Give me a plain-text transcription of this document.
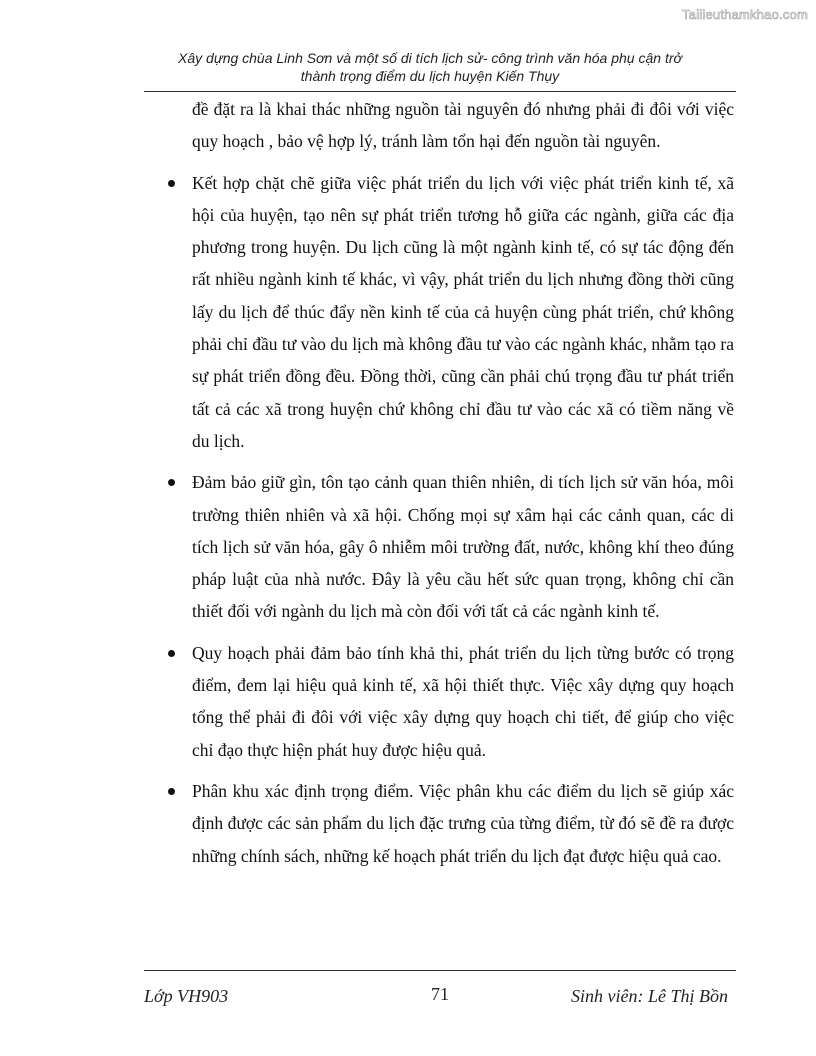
Tailieuthamkhao.com
Xây dựng chùa Linh Sơn và một số di tích lịch sử- công trình văn hóa phụ cận trở
thành trọng điểm du lịch huyện Kiến Thụy

đề đặt ra là khai thác những nguồn tài nguyên đó nhưng phải đi đôi với việc quy hoạch , bảo vệ hợp lý, tránh làm tổn hại đến nguồn tài nguyên.

Kết hợp chặt chẽ giữa việc phát triển du lịch với việc phát triển kinh tế, xã hội của huyện, tạo nên sự phát triển tương hỗ giữa các ngành, giữa các địa phương trong huyện. Du lịch cũng là một ngành kinh tế, có sự tác động đến rất nhiều ngành kinh tế khác, vì vậy, phát triển du lịch nhưng đồng thời cũng lấy du lịch để thúc đẩy nền kinh tế của cả huyện cùng phát triển, chứ không phải chỉ đầu tư vào du lịch mà không đầu tư vào các ngành khác, nhằm tạo ra sự phát triển đồng đều. Đồng thời, cũng cần phải chú trọng đầu tư phát triển tất cả các xã trong huyện chứ không chỉ đầu tư vào các xã có tiềm năng về du lịch.
Đảm bảo giữ gìn, tôn tạo cảnh quan thiên nhiên, di tích lịch sử văn hóa, môi trường thiên nhiên và xã hội. Chống mọi sự xâm hại các cảnh quan, các di tích lịch sử văn hóa, gây ô nhiễm môi trường đất, nước, không khí theo đúng pháp luật của nhà nước. Đây là yêu cầu hết sức quan trọng, không chỉ cần thiết đối với ngành du lịch mà còn đối với tất cả các ngành kinh tế.
Quy hoạch phải đảm bảo tính khả thi, phát triển du lịch từng bước có trọng điểm, đem lại hiệu quả kinh tế, xã hội thiết thực. Việc xây dựng quy hoạch tổng thể phải đi đôi với việc xây dựng quy hoạch chi tiết, để giúp cho việc chỉ đạo thực hiện phát huy được hiệu quả.
Phân khu xác định trọng điểm. Việc phân khu các điểm du lịch sẽ giúp xác định được các sản phẩm du lịch đặc trưng của từng điểm, từ đó sẽ đề ra được những chính sách, những kế hoạch phát triển du lịch đạt được hiệu quả cao.
Lớp VH903	71	Sinh viên: Lê Thị Bồn
